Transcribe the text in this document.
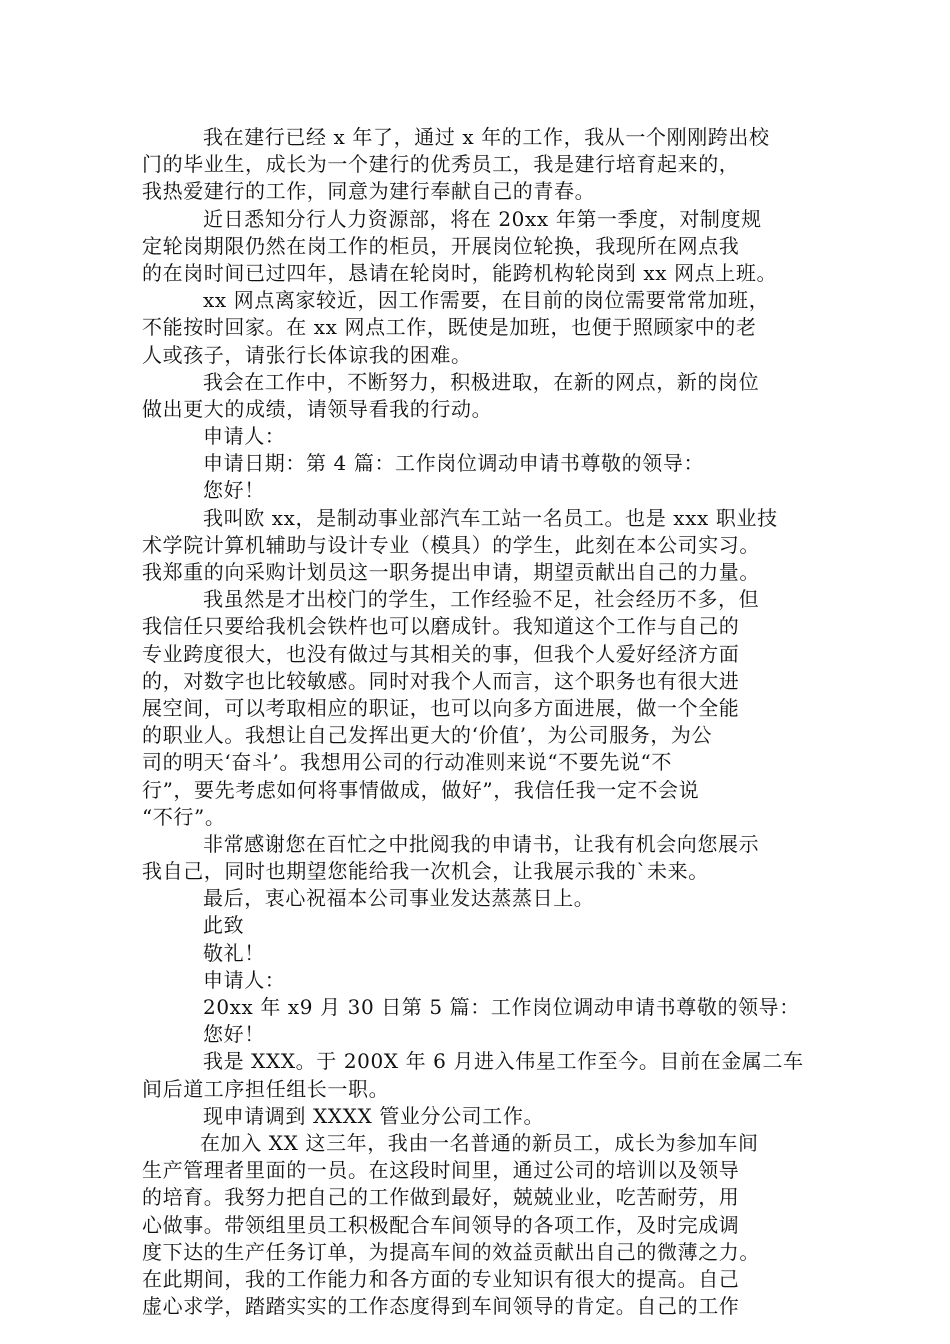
我在建行已经 x 年了，通过 x 年的工作，我从一个刚刚跨出校
门的毕业生，成长为一个建行的优秀员工，我是建行培育起来的，
我热爱建行的工作，同意为建行奉献自己的青春。
近日悉知分行人力资源部，将在 20xx 年第一季度，对制度规
定轮岗期限仍然在岗工作的柜员，开展岗位轮换，我现所在网点我
的在岗时间已过四年，恳请在轮岗时，能跨机构轮岗到 xx 网点上班。
xx 网点离家较近，因工作需要，在目前的岗位需要常常加班，
不能按时回家。在 xx 网点工作，既使是加班，也便于照顾家中的老
人或孩子，请张行长体谅我的困难。
我会在工作中，不断努力，积极进取，在新的网点，新的岗位
做出更大的成绩，请领导看我的行动。
申请人：
申请日期：第 4 篇：工作岗位调动申请书尊敬的领导：
您好！
我叫欧 xx，是制动事业部汽车工站一名员工。也是 xxx 职业技
术学院计算机辅助与设计专业（模具）的学生，此刻在本公司实习。
我郑重的向采购计划员这一职务提出申请，期望贡献出自己的力量。
我虽然是才出校门的学生，工作经验不足，社会经历不多，但
我信任只要给我机会铁杵也可以磨成针。我知道这个工作与自己的
专业跨度很大，也没有做过与其相关的事，但我个人爱好经济方面
的，对数字也比较敏感。同时对我个人而言，这个职务也有很大进
展空间，可以考取相应的职证，也可以向多方面进展，做一个全能
的职业人。我想让自己发挥出更大的‘价值’，为公司服务，为公
司的明天‘奋斗’。我想用公司的行动准则来说“不要先说“不
行”，要先考虑如何将事情做成，做好”，我信任我一定不会说
“不行”。
非常感谢您在百忙之中批阅我的申请书，让我有机会向您展示
我自己，同时也期望您能给我一次机会，让我展示我的`未来。
最后，衷心祝福本公司事业发达蒸蒸日上。
此致
敬礼！
申请人：
20xx 年 x9 月 30 日第 5 篇：工作岗位调动申请书尊敬的领导：
您好！
我是 XXX。于 200X 年 6 月进入伟星工作至今。目前在金属二车
间后道工序担任组长一职。
现申请调到 XXXX 管业分公司工作。
在加入 XX 这三年，我由一名普通的新员工，成长为参加车间
生产管理者里面的一员。在这段时间里，通过公司的培训以及领导
的培育。我努力把自己的工作做到最好，兢兢业业，吃苦耐劳，用
心做事。带领组里员工积极配合车间领导的各项工作，及时完成调
度下达的生产任务订单，为提高车间的效益贡献出自己的微薄之力。
在此期间，我的工作能力和各方面的专业知识有很大的提高。自己
虚心求学，踏踏实实的工作态度得到车间领导的肯定。自己的工作
